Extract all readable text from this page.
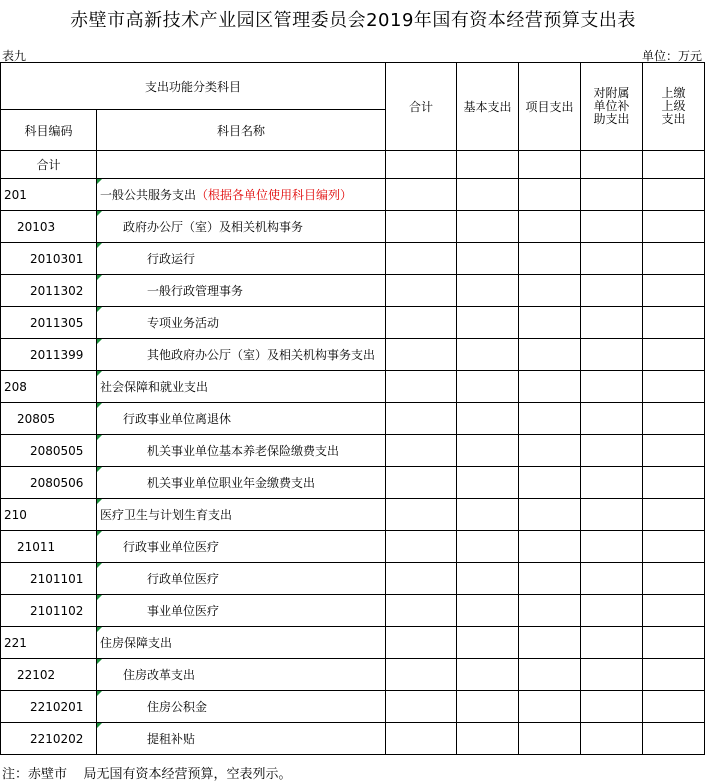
赤壁市高新技术产业园区管理委员会2019年国有资本经营预算支出表
表九	单位：万元
支出功能分类科目		合计	基本支出	项目支出	对附属单位补助支出	上缴上级支出
科目编码	科目名称					
合计						
201	一般公共服务支出（根据各单位使用科目编列）					
20103	政府办公厅（室）及相关机构事务					
2010301	行政运行					
2011302	一般行政管理事务					
2011305	专项业务活动					
2011399	其他政府办公厅（室）及相关机构事务支出					
208	社会保障和就业支出					
20805	行政事业单位离退休					
2080505	机关事业单位基本养老保险缴费支出					
2080506	机关事业单位职业年金缴费支出					
210	医疗卫生与计划生育支出					
21011	行政事业单位医疗					
2101101	行政单位医疗					
2101102	事业单位医疗					
221	住房保障支出					
22102	住房改革支出					
2210201	住房公积金					
2210202	提租补贴					
注：赤壁市    局无国有资本经营预算，空表列示。
